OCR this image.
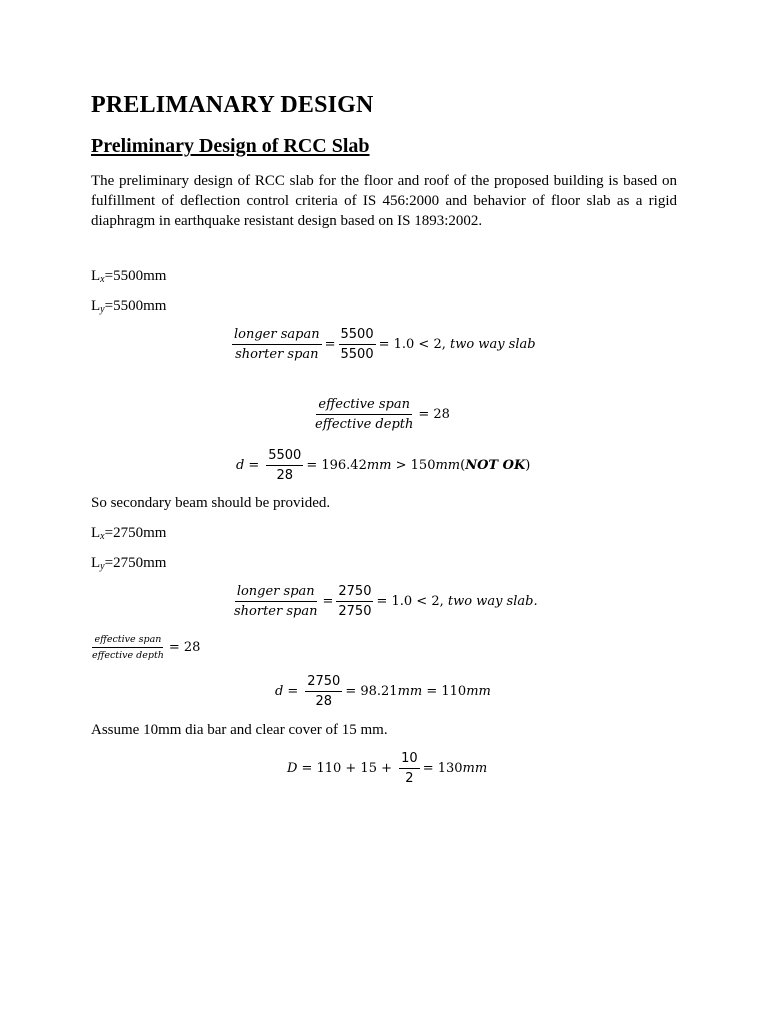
PRELIMANARY DESIGN
Preliminary Design of RCC Slab
The preliminary design of RCC slab for the floor and roof of the proposed building is based on fulfillment of deflection control criteria of IS 456:2000 and behavior of floor slab as a rigid diaphragm in earthquake resistant design based on IS 1893:2002.
$L_x=5500mm$
$L_y=5500mm$
$\frac{\text{longer sapan}}{\text{shorter span}} = \frac{5500}{5500} = 1.0 < 2$, two way slab
$\frac{\text{effective span}}{\text{effective depth}} = 28$
$d = \frac{5500}{28} = 196.42$ mm > 150 mm ( NOT OK )
So secondary beam should be provided.
$L_x=2750mm$
$L_y=2750mm$
$\frac{\text{longer span}}{\text{shorter span}} = \frac{2750}{2750} = 1.0 < 2$, two way slab.
$\frac{\text{effective span}}{\text{effective depth}} = 28$
$d = \frac{2750}{28} = 98.21$ mm = 110 mm
Assume 10mm dia bar and clear cover of 15 mm.
$D = 110 + 15 + \frac{10}{2} = 130$ mm
